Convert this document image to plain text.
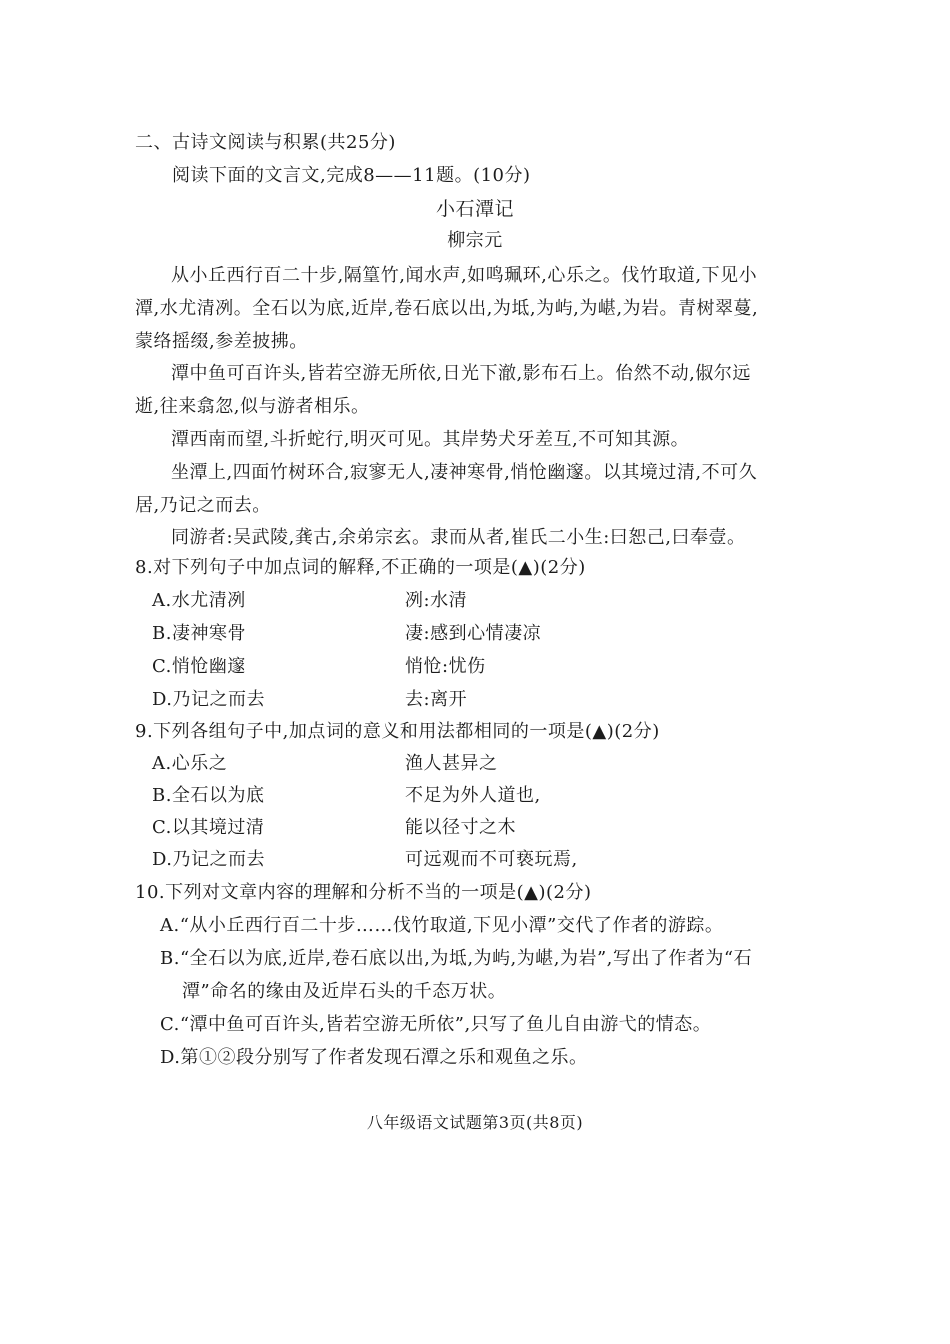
二、古诗文阅读与积累(共25分)
阅读下面的文言文,完成8——11题。(10分)
小石潭记
柳宗元
从小丘西行百二十步,隔篁竹,闻水声,如鸣珮环,心乐之。伐竹取道,下见小
潭,水尤清冽。全石以为底,近岸,卷石底以出,为坻,为屿,为嵁,为岩。青树翠蔓,
蒙络摇缀,参差披拂。
潭中鱼可百许头,皆若空游无所依,日光下澈,影布石上。佁然不动,俶尔远
逝,往来翕忽,似与游者相乐。
潭西南而望,斗折蛇行,明灭可见。其岸势犬牙差互,不可知其源。
坐潭上,四面竹树环合,寂寥无人,凄神寒骨,悄怆幽邃。以其境过清,不可久
居,乃记之而去。
同游者:吴武陵,龚古,余弟宗玄。隶而从者,崔氏二小生:曰恕己,曰奉壹。
8.对下列句子中加点词的解释,不正确的一项是(▲)(2分)
A.水尤清冽	冽:水清
B.凄神寒骨	凄:感到心情凄凉
C.悄怆幽邃	悄怆:忧伤
D.乃记之而去	去:离开
9.下列各组句子中,加点词的意义和用法都相同的一项是(▲)(2分)
A.心乐之	渔人甚异之
B.全石以为底	不足为外人道也,
C.以其境过清	能以径寸之木
D.乃记之而去	可远观而不可亵玩焉,
10.下列对文章内容的理解和分析不当的一项是(▲)(2分)
A.“从小丘西行百二十步……伐竹取道,下见小潭”交代了作者的游踪。
B.“全石以为底,近岸,卷石底以出,为坻,为屿,为嵁,为岩”,写出了作者为“石
潭”命名的缘由及近岸石头的千态万状。
C.“潭中鱼可百许头,皆若空游无所依”,只写了鱼儿自由游弋的情态。
D.第①②段分别写了作者发现石潭之乐和观鱼之乐。
八年级语文试题第3页(共8页)
